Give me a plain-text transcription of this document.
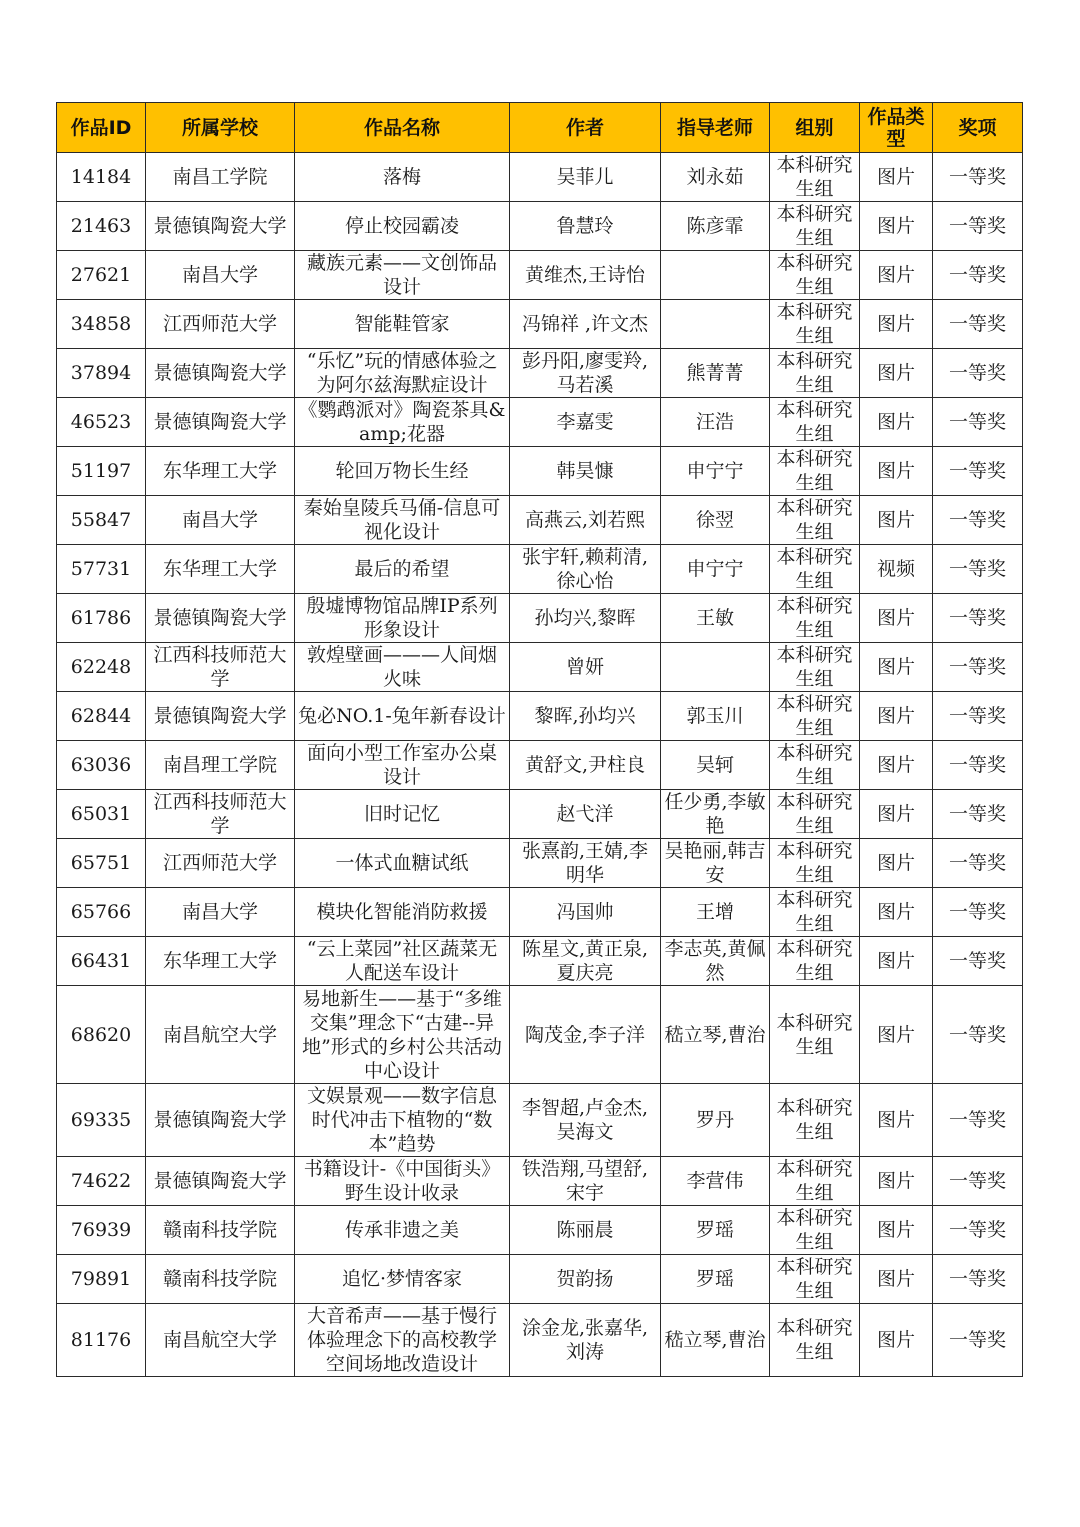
作品ID	所属学校	作品名称	作者	指导老师	组别	作品类型	奖项
14184	南昌工学院	落梅	吴菲儿	刘永茹	本科研究生组	图片	一等奖
21463	景德镇陶瓷大学	停止校园霸凌	鲁慧玲	陈彦霏	本科研究生组	图片	一等奖
27621	南昌大学	藏族元素——文创饰品设计	黄维杰,王诗怡		本科研究生组	图片	一等奖
34858	江西师范大学	智能鞋管家	冯锦祥 ,许文杰		本科研究生组	图片	一等奖
37894	景德镇陶瓷大学	“乐忆”玩的情感体验之为阿尔兹海默症设计	彭丹阳,廖雯羚,马若溪	熊菁菁	本科研究生组	图片	一等奖
46523	景德镇陶瓷大学	《鹦鹉派对》陶瓷茶具&amp;花器	李嘉雯	汪浩	本科研究生组	图片	一等奖
51197	东华理工大学	轮回万物长生经	韩昊慷	申宁宁	本科研究生组	图片	一等奖
55847	南昌大学	秦始皇陵兵马俑-信息可视化设计	高燕云,刘若熙	徐翌	本科研究生组	图片	一等奖
57731	东华理工大学	最后的希望	张宇轩,赖莉清,徐心怡	申宁宁	本科研究生组	视频	一等奖
61786	景德镇陶瓷大学	殷墟博物馆品牌IP系列形象设计	孙均兴,黎晖	王敏	本科研究生组	图片	一等奖
62248	江西科技师范大学	敦煌壁画———人间烟火味	曾妍		本科研究生组	图片	一等奖
62844	景德镇陶瓷大学	兔必NO.1-兔年新春设计	黎晖,孙均兴	郭玉川	本科研究生组	图片	一等奖
63036	南昌理工学院	面向小型工作室办公桌设计	黄舒文,尹柱良	吴轲	本科研究生组	图片	一等奖
65031	江西科技师范大学	旧时记忆	赵弋洋	任少勇,李敏艳	本科研究生组	图片	一等奖
65751	江西师范大学	一体式血糖试纸	张熹韵,王婧,李明华	吴艳丽,韩吉安	本科研究生组	图片	一等奖
65766	南昌大学	模块化智能消防救援	冯国帅	王增	本科研究生组	图片	一等奖
66431	东华理工大学	“云上菜园”社区蔬菜无人配送车设计	陈星文,黄正泉,夏庆亮	李志英,黄佩然	本科研究生组	图片	一等奖
68620	南昌航空大学	易地新生——基于“多维交集”理念下“古建--异地”形式的乡村公共活动中心设计	陶茂金,李子洋	嵇立琴,曹治	本科研究生组	图片	一等奖
69335	景德镇陶瓷大学	文娱景观——数字信息时代冲击下植物的“数本”趋势	李智超,卢金杰,吴海文	罗丹	本科研究生组	图片	一等奖
74622	景德镇陶瓷大学	书籍设计-《中国街头》野生设计收录	铁浩翔,马望舒,宋宇	李营伟	本科研究生组	图片	一等奖
76939	赣南科技学院	传承非遗之美	陈丽晨	罗瑶	本科研究生组	图片	一等奖
79891	赣南科技学院	追忆·梦情客家	贺韵扬	罗瑶	本科研究生组	图片	一等奖
81176	南昌航空大学	大音希声——基于慢行体验理念下的高校教学空间场地改造设计	涂金龙,张嘉华,刘涛	嵇立琴,曹治	本科研究生组	图片	一等奖
